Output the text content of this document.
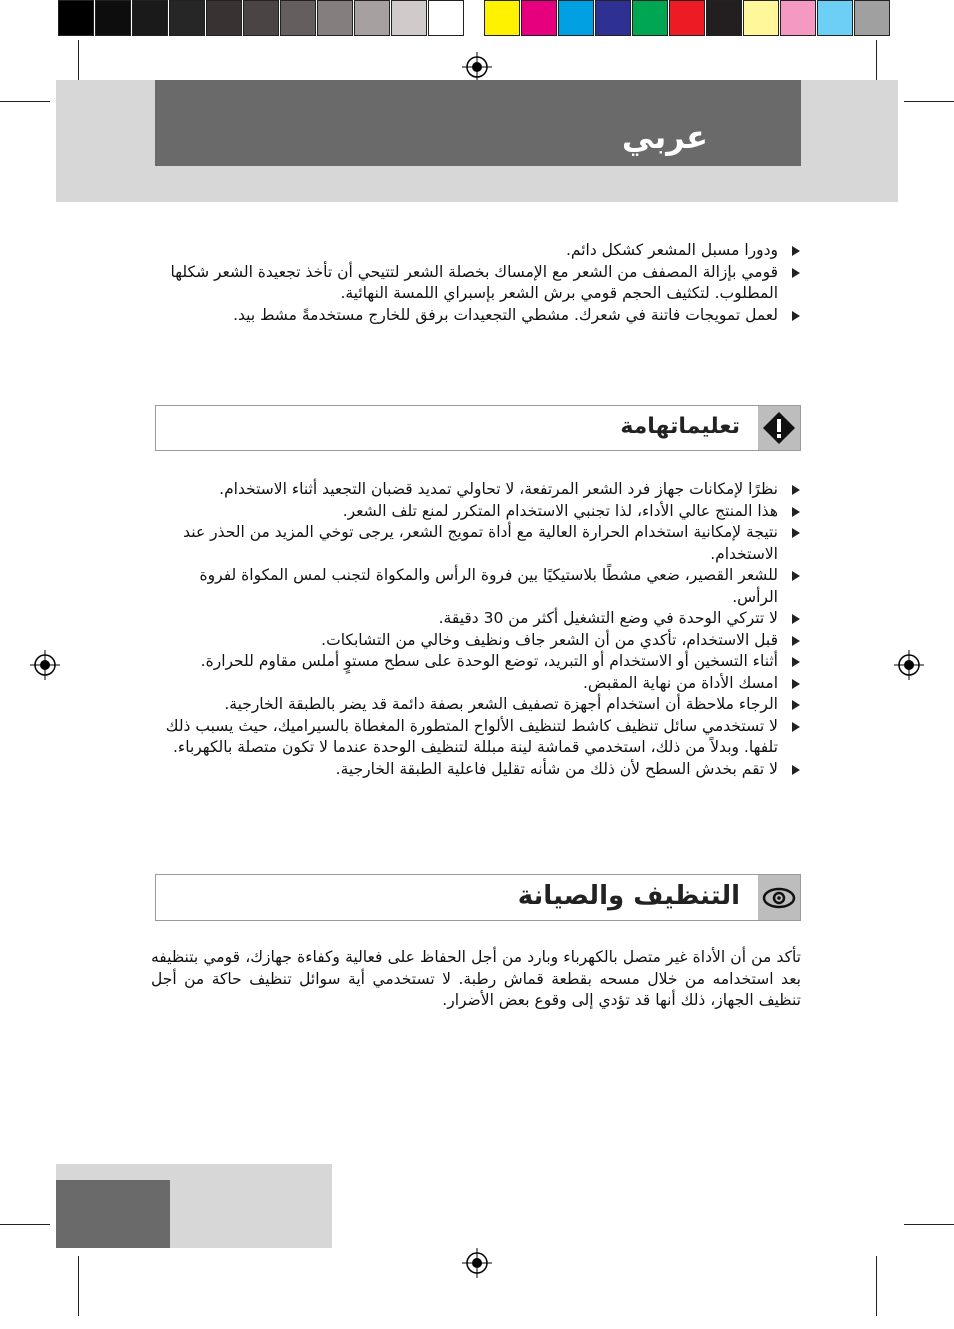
عربي
ودورا مسبل المشعر كشكل دائم.
قومي بإزالة المصفف من الشعر مع الإمساك بخصلة الشعر لتتيحي أن تأخذ تجعيدة الشعر شكلها المطلوب. لتكثيف الحجم قومي برش الشعر بإسبراي اللمسة النهائية.
لعمل تمويجات فاتنة في شعرك. مشطي التجعيدات برفق للخارج مستخدمةً مشط بيد.
تعليماتهامة
نظرًا لإمكانات جهاز فرد الشعر المرتفعة، لا تحاولي تمديد قضبان التجعيد أثناء الاستخدام.
هذا المنتج عالي الأداء، لذا تجنبي الاستخدام المتكرر لمنع تلف الشعر.
نتيجة لإمكانية استخدام الحرارة العالية مع أداة تمويج الشعر، يرجى توخي المزيد من الحذر عند الاستخدام.
للشعر القصير، ضعي مشطًا بلاستيكيًا بين فروة الرأس والمكواة لتجنب لمس المكواة لفروة الرأس.
لا تتركي الوحدة في وضع التشغيل أكثر من 30 دقيقة.
قبل الاستخدام، تأكدي من أن الشعر جاف ونظيف وخالي من التشابكات.
أثناء التسخين أو الاستخدام أو التبريد، توضع الوحدة على سطح مستوٍ أملس مقاوم للحرارة.
امسك الأداة من نهاية المقبض.
الرجاء ملاحظة أن استخدام أجهزة تصفيف الشعر بصفة دائمة قد يضر بالطبقة الخارجية.
لا تستخدمي سائل تنظيف كاشط لتنظيف الألواح المتطورة المغطاة بالسيراميك، حيث يسبب ذلك تلفها. وبدلاً من ذلك، استخدمي قماشة لينة مبللة لتنظيف الوحدة عندما لا تكون متصلة بالكهرباء.
لا تقم بخدش السطح لأن ذلك من شأنه تقليل فاعلية الطبقة الخارجية.
التنظيف والصيانة
تأكد من أن الأداة غير متصل بالكهرباء وبارد من أجل الحفاظ على فعالية وكفاءة جهازك، قومي بتنظيفه بعد استخدامه من خلال مسحه بقطعة قماش رطبة. لا تستخدمي أية سوائل تنظيف حاكة من أجل تنظيف الجهاز، ذلك أنها قد تؤدي إلى وقوع بعض الأضرار.
